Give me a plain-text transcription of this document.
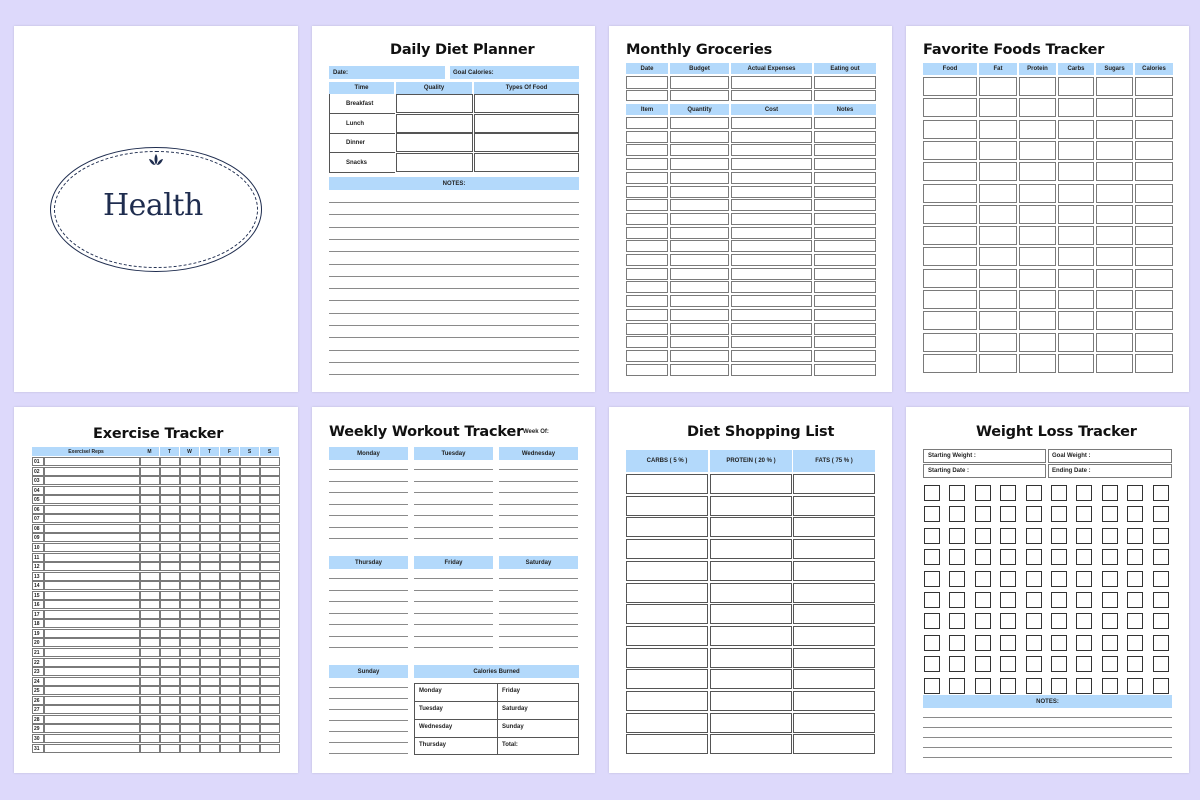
Health
Daily Diet Planner
Date:	Goal Calories:
Time	Quality	Types Of Food
Breakfast
Lunch
Dinner
Snacks
NOTES:
Monthly Groceries
Date	Budget	Actual Expenses	Eating out
Item	Quantity	Cost	Notes
Favorite Foods Tracker
Food	Fat	Protein	Carbs	Sugars	Calories
Exercise Tracker
Exercise/ Reps	M	T	W	T	F	S	S
01
02
03
04
05
06
07
08
09
10
11
12
13
14
15
16
17
18
19
20
21
22
23
24
25
26
27
28
29
30
31
Weekly Workout Tracker Week Of:
Monday	Tuesday	Wednesday
Thursday	Friday	Saturday
Sunday	Calories Burned
Monday	Friday
Tuesday	Saturday
Wednesday	Sunday
Thursday	Total:
Diet Shopping List
CARBS ( 5 % )	PROTEIN ( 20 % )	FATS ( 75 % )
Weight Loss Tracker
Starting Weight :	Goal Weight :
Starting Date :	Ending Date :
NOTES:
